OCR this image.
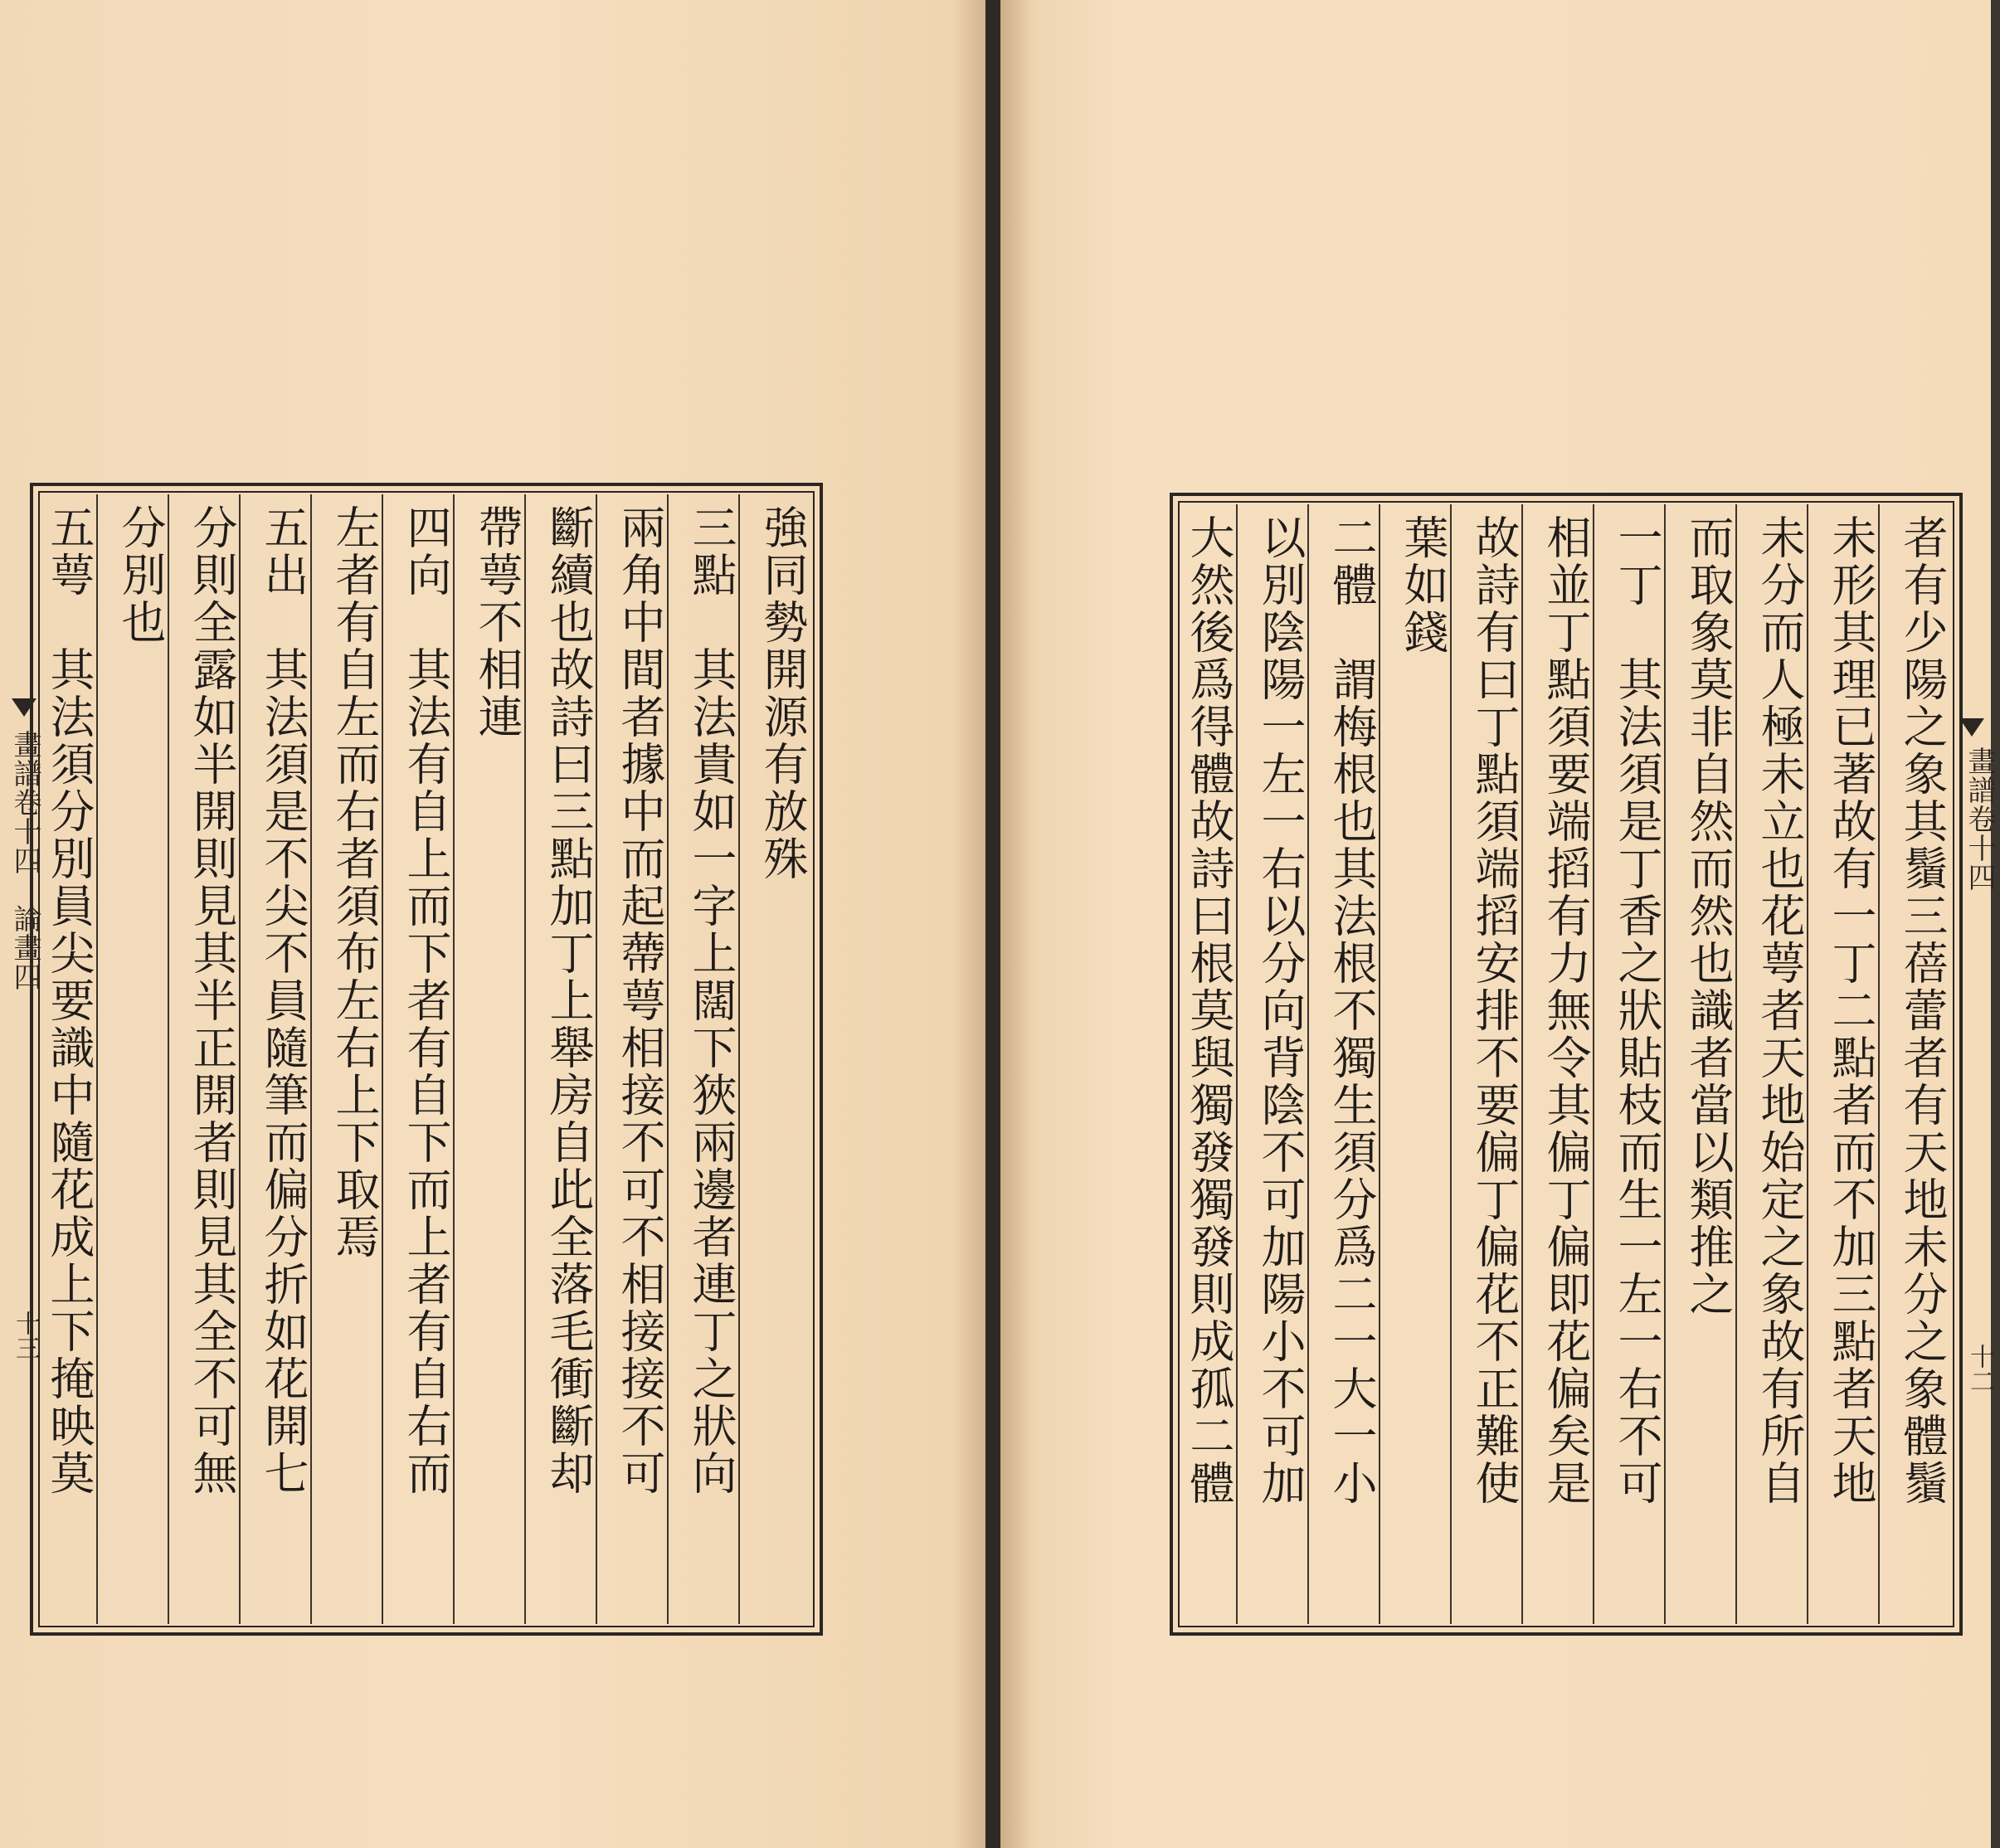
強同勢開源有放殊
三點　其法貴如一字上闊下狹兩邊者連丁之狀向
兩角中間者據中而起蔕萼相接不可不相接接不可
斷續也故詩曰三點加丁上舉房自此全落毛衝斷却
帶萼不相連
四向　其法有自上而下者有自下而上者有自右而
左者有自左而右者須布左右上下取焉
五出　其法須是不尖不員隨筆而偏分折如花開七
分則全露如半開則見其半正開者則見其全不可無
分別也
五萼　其法須分別員尖要識中隨花成上下掩映莫
畫譜卷十四　論畫四
十三	者有少陽之象其鬚三蓓蕾者有天地未分之象體鬚
未形其理已著故有一丁二點者而不加三點者天地
未分而人極未立也花萼者天地始定之象故有所自
而取象莫非自然而然也識者當以類推之
一丁　其法須是丁香之狀貼枝而生一左一右不可
相並丁點須要端搯有力無令其偏丁偏即花偏矣是
故詩有曰丁點須端搯安排不要偏丁偏花不正難使
葉如錢
二體　謂梅根也其法根不獨生須分爲二一大一小
以別陰陽一左一右以分向背陰不可加陽小不可加
大然後爲得體故詩曰根莫與獨發獨發則成孤二體	畫譜卷十四
十二
